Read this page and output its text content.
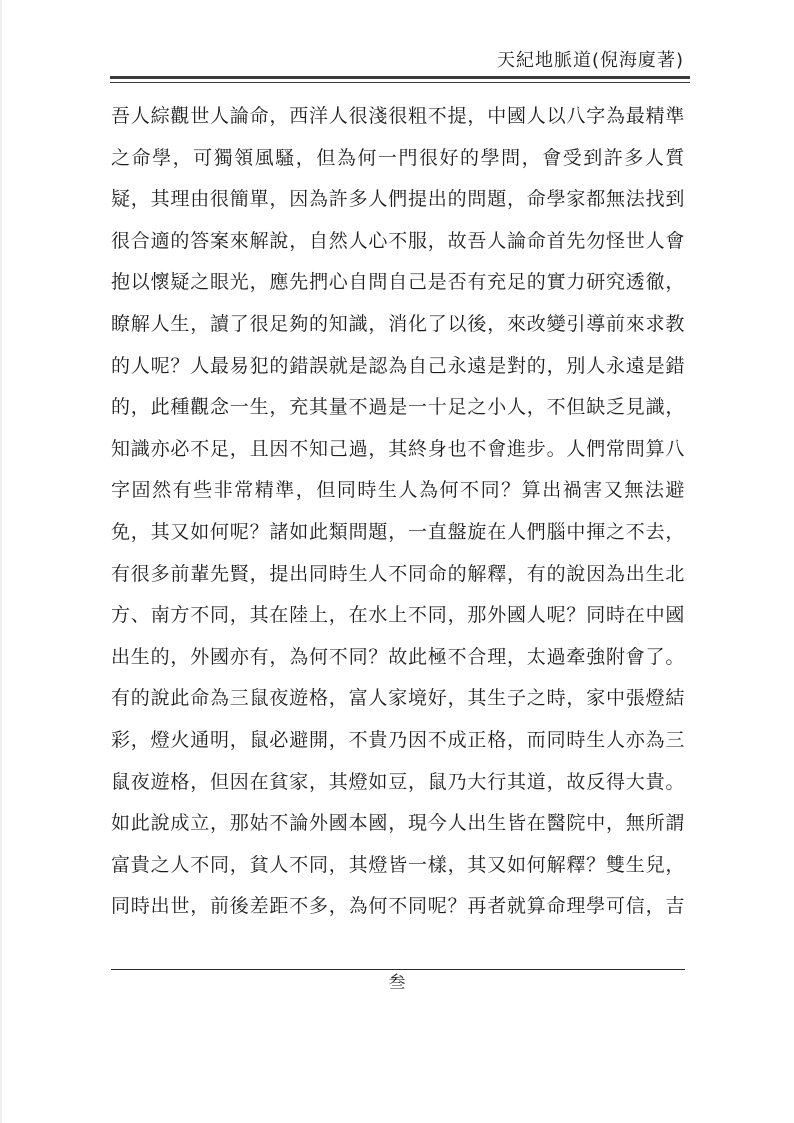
天紀地脈道(倪海廈著)
吾人綜觀世人論命，西洋人很淺很粗不提，中國人以八字為最精準
之命學，可獨領風騷，但為何一門很好的學問，會受到許多人質
疑，其理由很簡單，因為許多人們提出的問題，命學家都無法找到
很合適的答案來解說，自然人心不服，故吾人論命首先勿怪世人會
抱以懷疑之眼光，應先捫心自問自己是否有充足的實力研究透徹，
瞭解人生，讀了很足夠的知識，消化了以後，來改變引導前來求教
的人呢？人最易犯的錯誤就是認為自己永遠是對的，別人永遠是錯
的，此種觀念一生，充其量不過是一十足之小人，不但缺乏見識，
知識亦必不足，且因不知己過，其終身也不會進步。人們常問算八
字固然有些非常精準，但同時生人為何不同？算出禍害又無法避
免，其又如何呢？諸如此類問題，一直盤旋在人們腦中揮之不去，
有很多前輩先賢，提出同時生人不同命的解釋，有的說因為出生北
方、南方不同，其在陸上，在水上不同，那外國人呢？同時在中國
出生的，外國亦有，為何不同？故此極不合理，太過牽強附會了。
有的說此命為三鼠夜遊格，富人家境好，其生子之時，家中張燈結
彩，燈火通明，鼠必避開，不貴乃因不成正格，而同時生人亦為三
鼠夜遊格，但因在貧家，其燈如豆，鼠乃大行其道，故反得大貴。
如此說成立，那姑不論外國本國，現今人出生皆在醫院中，無所謂
富貴之人不同，貧人不同，其燈皆一樣，其又如何解釋？雙生兒，
同時出世，前後差距不多，為何不同呢？再者就算命理學可信，吉
叁
